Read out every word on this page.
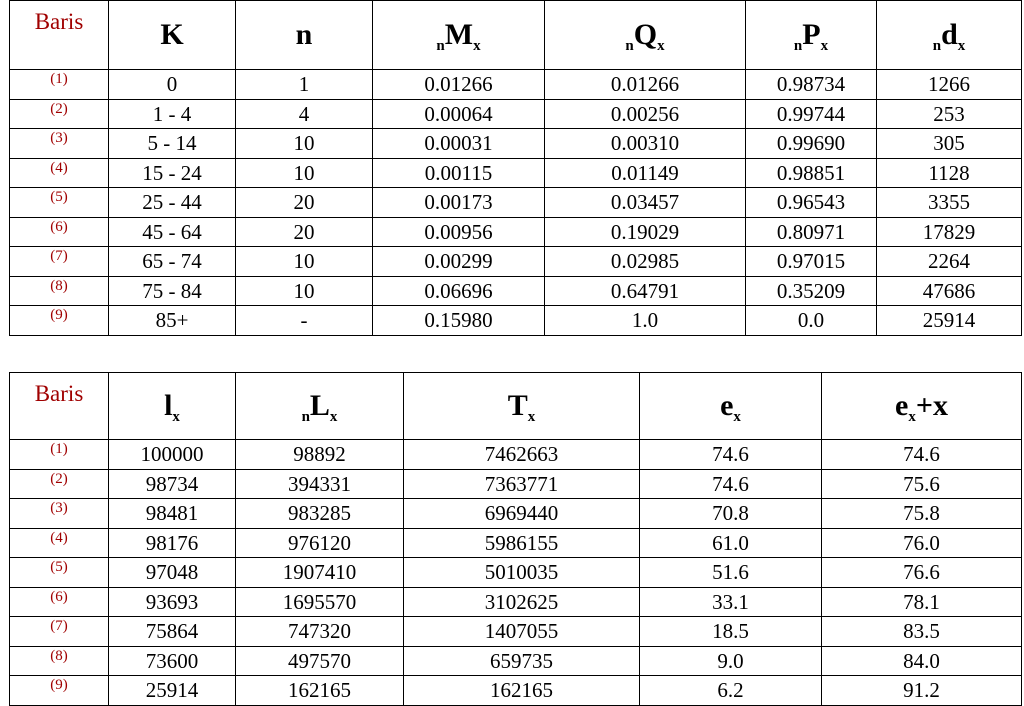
Baris	K	n	$_nM_x$	$_nQ_x$	$_nP_x$	$_nd_x$
(1)	0	1	0.01266	0.01266	0.98734	1266
(2)	1 - 4	4	0.00064	0.00256	0.99744	253
(3)	5 - 14	10	0.00031	0.00310	0.99690	305
(4)	15 - 24	10	0.00115	0.01149	0.98851	1128
(5)	25 - 44	20	0.00173	0.03457	0.96543	3355
(6)	45 - 64	20	0.00956	0.19029	0.80971	17829
(7)	65 - 74	10	0.00299	0.02985	0.97015	2264
(8)	75 - 84	10	0.06696	0.64791	0.35209	47686
(9)	85+	-	0.15980	1.0	0.0	25914
Baris	$l_x$	$_nL_x$	$T_x$	$e_x$	$e_x+x$
(1)	100000	98892	7462663	74.6	74.6
(2)	98734	394331	7363771	74.6	75.6
(3)	98481	983285	6969440	70.8	75.8
(4)	98176	976120	5986155	61.0	76.0
(5)	97048	1907410	5010035	51.6	76.6
(6)	93693	1695570	3102625	33.1	78.1
(7)	75864	747320	1407055	18.5	83.5
(8)	73600	497570	659735	9.0	84.0
(9)	25914	162165	162165	6.2	91.2
